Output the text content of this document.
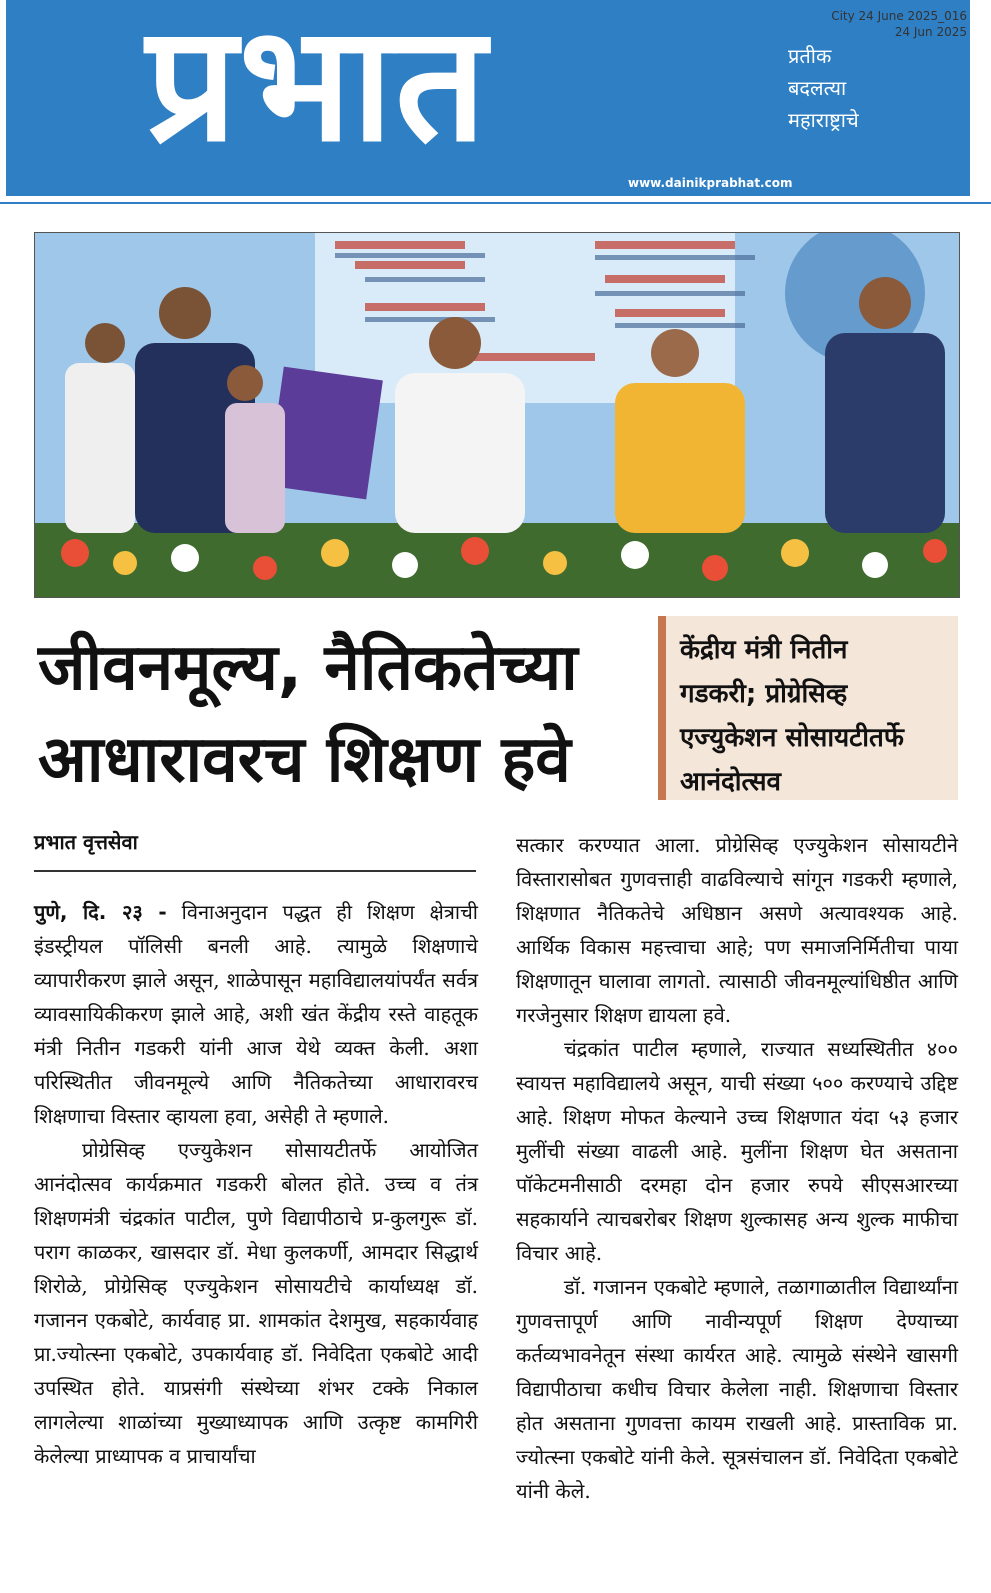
प्रभात	प्रतीक
बदलत्या
महाराष्ट्राचे
www.dainikprabhat.com
City 24 June 2025_016
24 Jun 2025
जीवनमूल्य, नैतिकतेच्या
आधारावरच शिक्षण हवे
केंद्रीय मंत्री नितीन
गडकरी; प्रोग्रेसिव्ह
एज्युकेशन सोसायटीतर्फे
आनंदोत्सव
प्रभात वृत्तसेवा

पुणे, दि. २३ - विनाअनुदान पद्धत ही शिक्षण क्षेत्राची इंडस्ट्रीयल पॉलिसी बनली आहे. त्यामुळे शिक्षणाचे व्यापारीकरण झाले असून, शाळेपासून महाविद्यालयांपर्यंत सर्वत्र व्यावसायिकीकरण झाले आहे, अशी खंत केंद्रीय रस्ते वाहतूक मंत्री नितीन गडकरी यांनी आज येथे व्यक्त केली. अशा परिस्थितीत जीवनमूल्ये आणि नैतिकतेच्या आधारावरच शिक्षणाचा विस्तार व्हायला हवा, असेही ते म्हणाले.

प्रोग्रेसिव्ह एज्युकेशन सोसायटीतर्फे आयोजित आनंदोत्सव कार्यक्रमात गडकरी बोलत होते. उच्च व तंत्र शिक्षणमंत्री चंद्रकांत पाटील, पुणे विद्यापीठाचे प्र-कुलगुरू डॉ. पराग काळकर, खासदार डॉ. मेधा कुलकर्णी, आमदार सिद्धार्थ शिरोळे, प्रोग्रेसिव्ह एज्युकेशन सोसायटीचे कार्याध्यक्ष डॉ. गजानन एकबोटे, कार्यवाह प्रा. शामकांत देशमुख, सहकार्यवाह प्रा.ज्योत्स्ना एकबोटे, उपकार्यवाह डॉ. निवेदिता एकबोटे आदी उपस्थित होते. याप्रसंगी संस्थेच्या शंभर टक्के निकाल लागलेल्या शाळांच्या मुख्याध्यापक आणि उत्कृष्ट कामगिरी केलेल्या प्राध्यापक व प्राचार्यांचा

सत्कार करण्यात आला. प्रोग्रेसिव्ह एज्युकेशन सोसायटीने विस्तारासोबत गुणवत्ताही वाढविल्याचे सांगून गडकरी म्हणाले, शिक्षणात नैतिकतेचे अधिष्ठान असणे अत्यावश्यक आहे. आर्थिक विकास महत्त्वाचा आहे; पण समाजनिर्मितीचा पाया शिक्षणातून घालावा लागतो. त्यासाठी जीवनमूल्यांधिष्ठीत आणि गरजेनुसार शिक्षण द्यायला हवे.

चंद्रकांत पाटील म्हणाले, राज्यात सध्यस्थितीत ४०० स्वायत्त महाविद्यालये असून, याची संख्या ५०० करण्याचे उद्दिष्ट आहे. शिक्षण मोफत केल्याने उच्च शिक्षणात यंदा ५३ हजार मुलींची संख्या वाढली आहे. मुलींना शिक्षण घेत असताना पॉकेटमनीसाठी दरमहा दोन हजार रुपये सीएसआरच्या सहकार्याने त्याचबरोबर शिक्षण शुल्कासह अन्य शुल्क माफीचा विचार आहे.

डॉ. गजानन एकबोटे म्हणाले, तळागाळातील विद्यार्थ्यांना गुणवत्तापूर्ण आणि नावीन्यपूर्ण शिक्षण देण्याच्या कर्तव्यभावनेतून संस्था कार्यरत आहे. त्यामुळे संस्थेने खासगी विद्यापीठाचा कधीच विचार केलेला नाही. शिक्षणाचा विस्तार होत असताना गुणवत्ता कायम राखली आहे. प्रास्ताविक प्रा. ज्योत्स्ना एकबोटे यांनी केले. सूत्रसंचालन डॉ. निवेदिता एकबोटे यांनी केले.
